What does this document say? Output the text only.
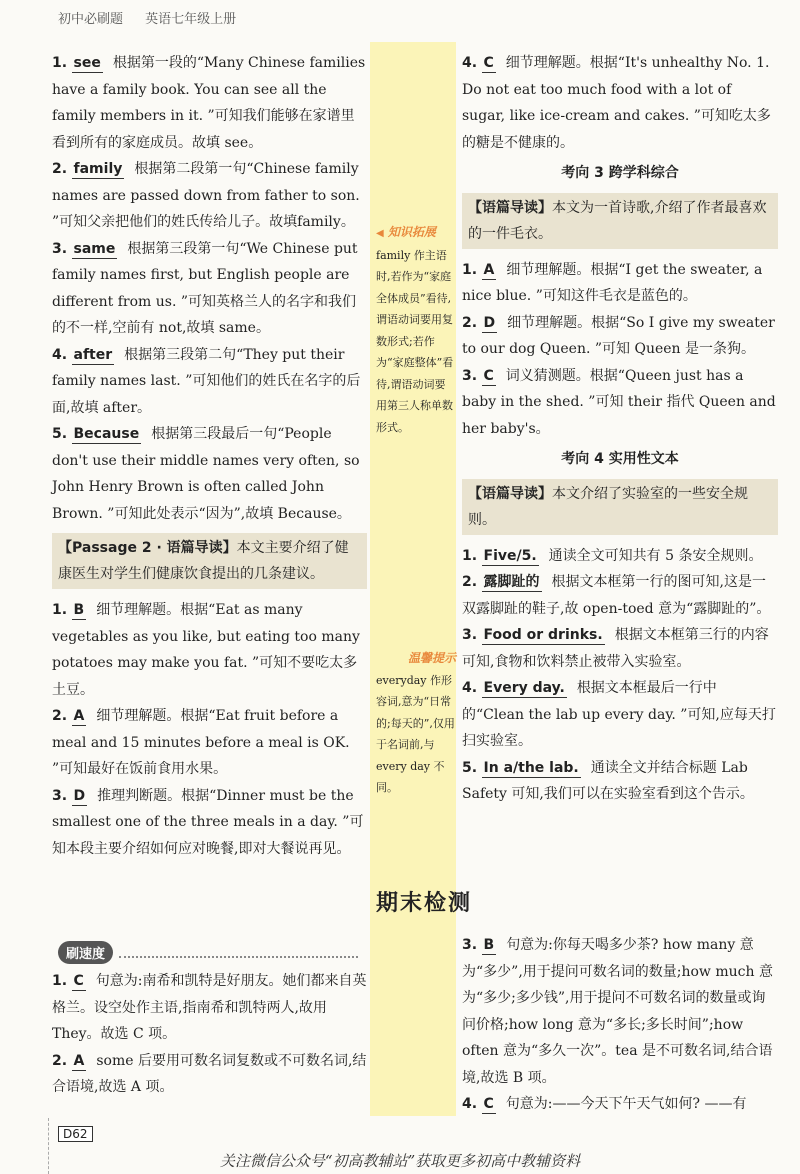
初中必刷题 英语七年级上册
◀ 知识拓展
family 作主语时,若作为“家庭全体成员”看待,谓语动词要用复数形式;若作为“家庭整体”看待,谓语动词要用第三人称单数形式。
温馨提示
everyday 作形容词,意为“日常的;每天的”,仅用于名词前,与 every day 不同。
1. see 根据第一段的“Many Chinese families have a family book. You can see all the family members in it. ”可知我们能够在家谱里看到所有的家庭成员。故填 see。
2. family 根据第二段第一句“Chinese family names are passed down from father to son. ”可知父亲把他们的姓氏传给儿子。故填family。
3. same 根据第三段第一句“We Chinese put family names first, but English people are different from us. ”可知英格兰人的名字和我们的不一样,空前有 not,故填 same。
4. after 根据第三段第二句“They put their family names last. ”可知他们的姓氏在名字的后面,故填 after。
5. Because 根据第三段最后一句“People don't use their middle names very often, so John Henry Brown is often called John Brown. ”可知此处表示“因为”,故填 Because。
【Passage 2 · 语篇导读】本文主要介绍了健康医生对学生们健康饮食提出的几条建议。
1. B 细节理解题。根据“Eat as many vegetables as you like, but eating too many potatoes may make you fat. ”可知不要吃太多土豆。
2. A 细节理解题。根据“Eat fruit before a meal and 15 minutes before a meal is OK. ”可知最好在饭前食用水果。
3. D 推理判断题。根据“Dinner must be the smallest one of the three meals in a day. ”可知本段主要介绍如何应对晚餐,即对大餐说再见。
刷速度
1. C 句意为:南希和凯特是好朋友。她们都来自英格兰。设空处作主语,指南希和凯特两人,故用 They。故选 C 项。
2. A some 后要用可数名词复数或不可数名词,结合语境,故选 A 项。
4. C 细节理解题。根据“It's unhealthy No. 1. Do not eat too much food with a lot of sugar, like ice-cream and cakes. ”可知吃太多的糖是不健康的。
考向 3 跨学科综合
【语篇导读】本文为一首诗歌,介绍了作者最喜欢的一件毛衣。
1. A 细节理解题。根据“I get the sweater, a nice blue. ”可知这件毛衣是蓝色的。
2. D 细节理解题。根据“So I give my sweater to our dog Queen. ”可知 Queen 是一条狗。
3. C 词义猜测题。根据“Queen just has a baby in the shed. ”可知 their 指代 Queen and her baby's。
考向 4 实用性文本
【语篇导读】本文介绍了实验室的一些安全规则。
1. Five/5. 通读全文可知共有 5 条安全规则。
2. 露脚趾的 根据文本框第一行的图可知,这是一双露脚趾的鞋子,故 open-toed 意为“露脚趾的”。
3. Food or drinks. 根据文本框第三行的内容可知,食物和饮料禁止被带入实验室。
4. Every day. 根据文本框最后一行中的“Clean the lab up every day. ”可知,应每天打扫实验室。
5. In a/the lab. 通读全文并结合标题 Lab Safety 可知,我们可以在实验室看到这个告示。
期末检测
3. B 句意为:你每天喝多少茶? how many 意为“多少”,用于提问可数名词的数量;how much 意为“多少;多少钱”,用于提问不可数名词的数量或询问价格;how long 意为“多长;多长时间”;how often 意为“多久一次”。tea 是不可数名词,结合语境,故选 B 项。
4. C 句意为:——今天下午天气如何? ——有
D62
关注微信公众号“初高教辅站”获取更多初高中教辅资料
